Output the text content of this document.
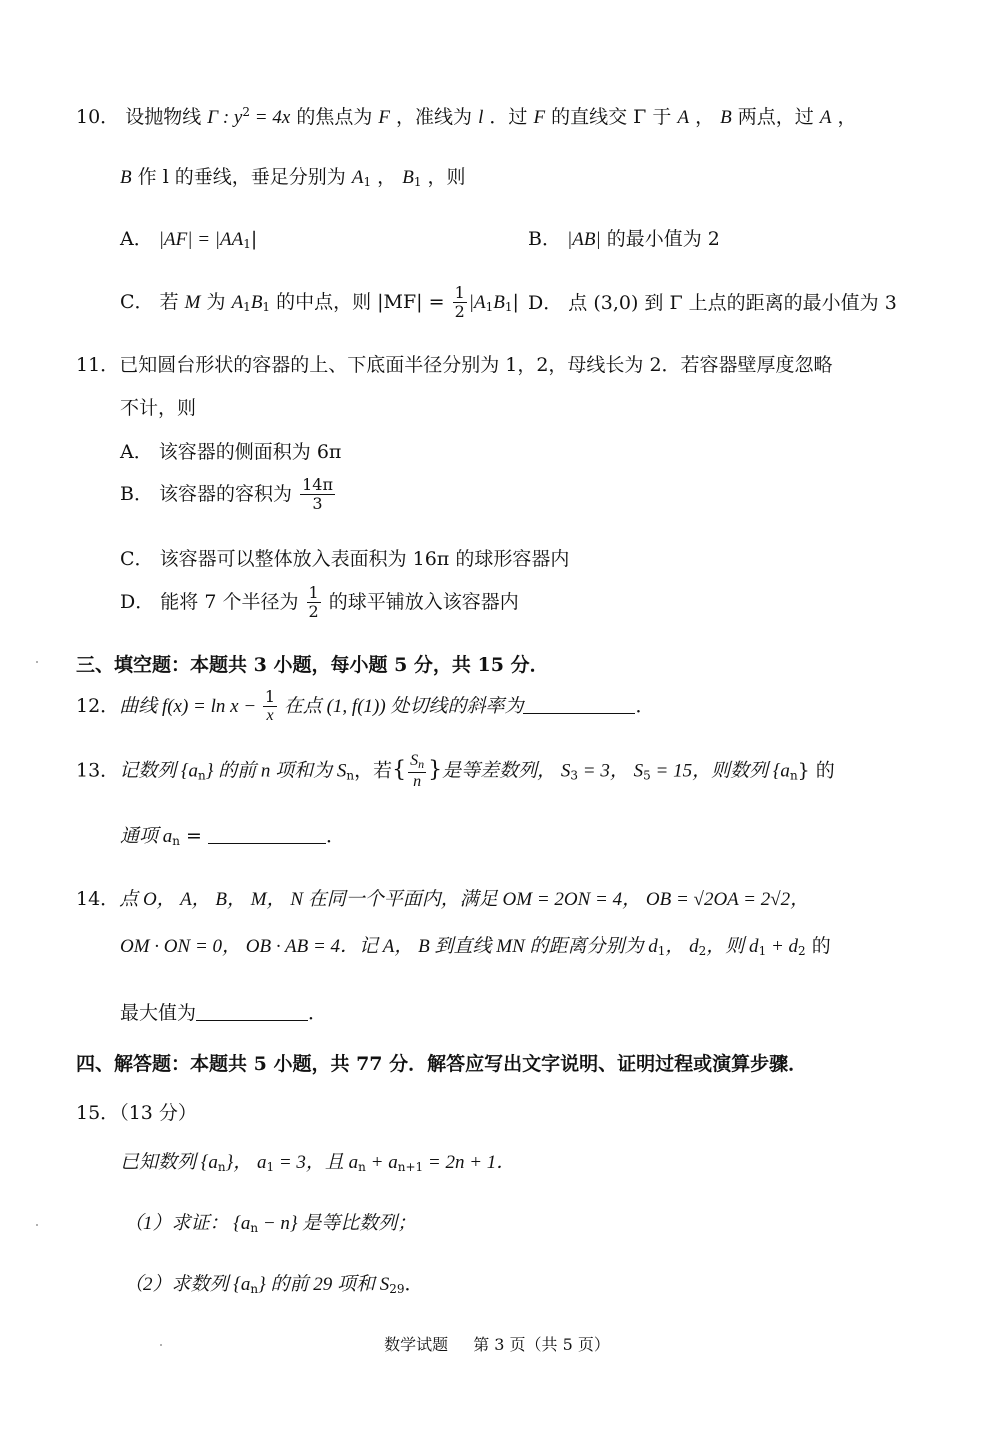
10． 设抛物线 Γ : $y^2 = 4x$ 的焦点为 F ，准线为 l ．过 F 的直线交 Γ 于 A ， B 两点，过 A ，
B 作 l 的垂线，垂足分别为 $A_1$ ， $B_1$ ，则
A． $|AF| = |AA_1|$	B． |AB| 的最小值为 2
C． 若 M 为 $A_1B_1$ 的中点，则 $|MF| = \frac{1}{2} |A_1B_1|$ D． 点 (3,0) 到 Γ 上点的距离的最小值为 3
11．已知圆台形状的容器的上、下底面半径分别为 1，2，母线长为 2．若容器壁厚度忽略
不计，则
A． 该容器的侧面积为 6π
B． 该容器的容积为 $\frac{14\pi}{3}$
C． 该容器可以整体放入表面积为 16π 的球形容器内
D． 能将 7 个半径为 $\frac{1}{2}$ 的球平铺放入该容器内
三、填空题：本题共 3 小题，每小题 5 分，共 15 分．
12．曲线 $f(x) = \ln x - \frac{1}{x}$ 在点 (1, f(1)) 处切线的斜率为	．
13．记数列 $\{a_n\}$ 的前 n 项和为 $S_n$，若{ $\frac{S_n}{n}$ }是等差数列， $S_3 = 3$， $S_5 = 15$，则数列 $\{a_n\}$ 的
通项 $a_n$ =	．
14．点 O， A， B， M， N 在同一个平面内，满足 OM = 2ON = 4， OB = √2OA = 2√2，
OM · ON = 0， OB · AB = 4．记 A， B 到直线 MN 的距离分别为 $d_1$， $d_2$，则 $d_1 + d_2$ 的
最大值为	．
四、解答题：本题共 5 小题，共 77 分．解答应写出文字说明、证明过程或演算步骤．
15．（13 分）
已知数列 $\{a_n\}$， $a_1 = 3$，且 $a_n + a_{n+1} = 2n + 1$．
（1）求证： $\{a_n - n\}$ 是等比数列；
（2）求数列 $\{a_n\}$ 的前 29 项和 $S_{29}$．
数学试题 第 3 页（共 5 页）
